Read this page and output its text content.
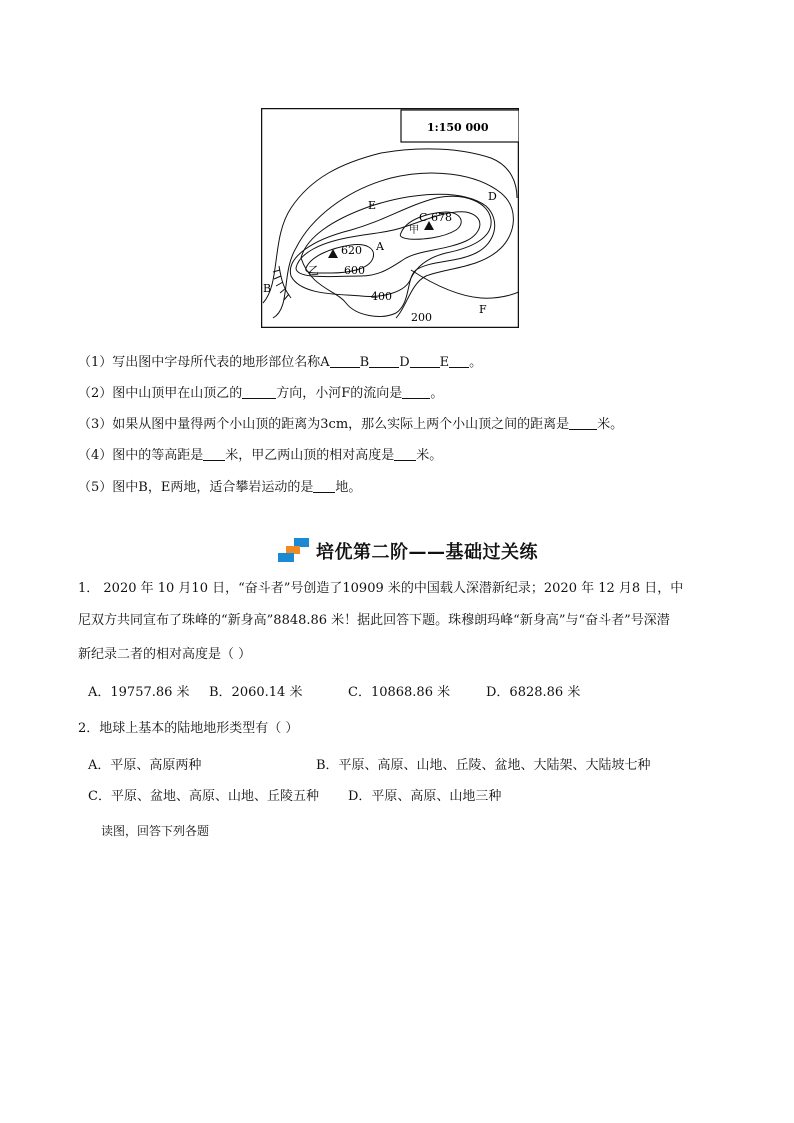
1:150 000
C 678
甲
620
乙 600
400
200
A
B
D
E
F
（1）写出图中字母所代表的地形部位名称A B D E 。
（2）图中山顶甲在山顶乙的	方向，小河F的流向是 。
（3）如果从图中量得两个小山顶的距离为3cm，那么实际上两个小山顶之间的距离是 米。
（4）图中的等高距是 米，甲乙两山顶的相对高度是 米。
（5）图中B，E两地，适合攀岩运动的是 地。
培优第二阶——基础过关练
1． 2020 年 10 月10 日，“奋斗者”号创造了10909 米的中国载人深潜新纪录；2020 年 12 月8 日，中
尼双方共同宣布了珠峰的“新身高”8848.86 米！据此回答下题。珠穆朗玛峰“新身高”与“奋斗者”号深潜
新纪录二者的相对高度是（ ）
A．19757.86 米 B．2060.14 米	C．10868.86 米	D．6828.86 米
2．地球上基本的陆地地形类型有（ ）
A．平原、高原两种	B．平原、高原、山地、丘陵、盆地、大陆架、大陆坡七种
C．平原、盆地、高原、山地、丘陵五种 D．平原、高原、山地三种
读图，回答下列各题
